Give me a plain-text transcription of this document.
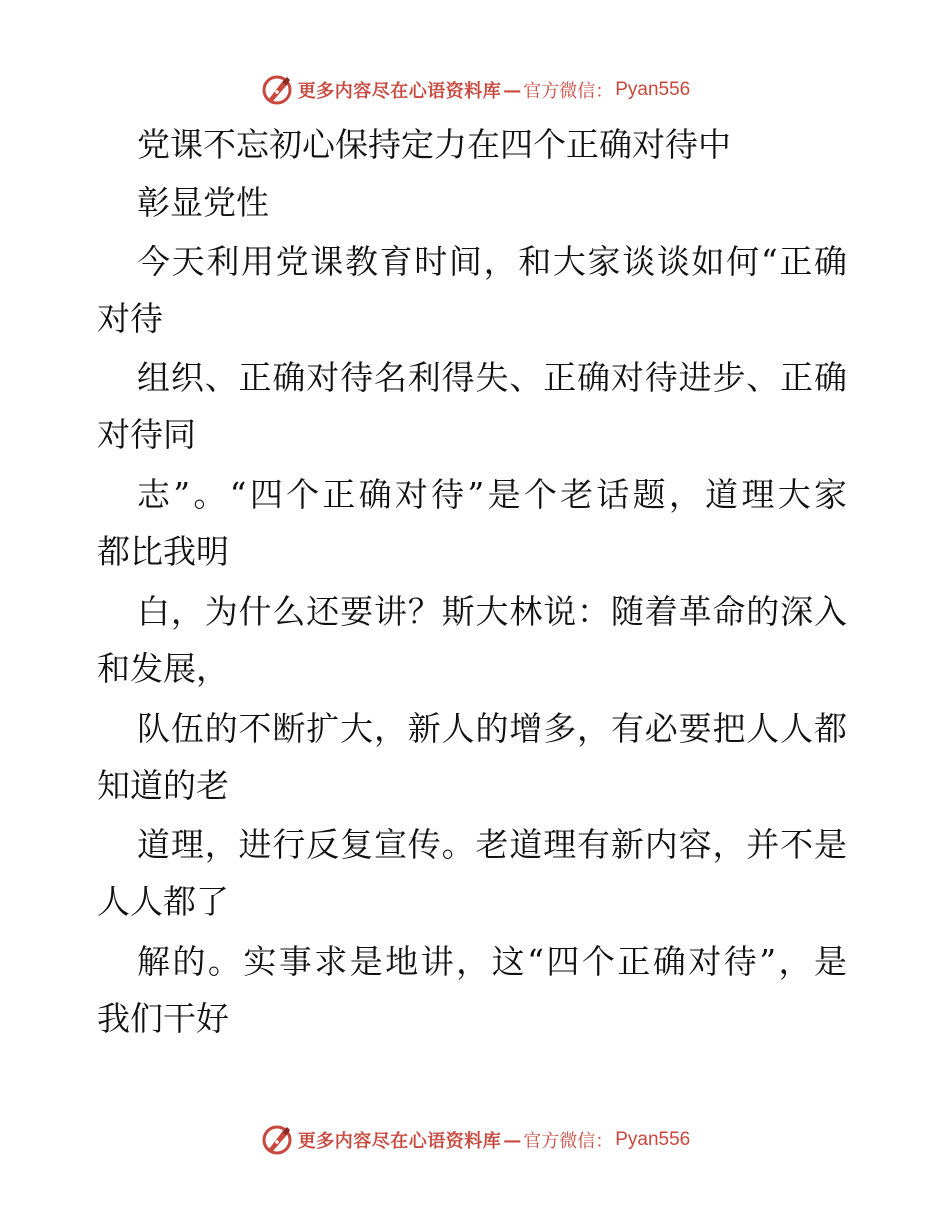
更多内容尽在心语资料库 — 官方微信： Pyan556
党课不忘初心保持定力在四个正确对待中
彰显党性
今天利用党课教育时间，和大家谈谈如何“正确
对待
组织、正确对待名利得失、正确对待进步、正确
对待同
志”。“四个正确对待”是个老话题，道理大家
都比我明
白，为什么还要讲？斯大林说：随着革命的深入
和发展，
队伍的不断扩大，新人的增多，有必要把人人都
知道的老
道理，进行反复宣传。老道理有新内容，并不是
人人都了
解的。实事求是地讲，这“四个正确对待”，是
我们干好
更多内容尽在心语资料库 — 官方微信： Pyan556
